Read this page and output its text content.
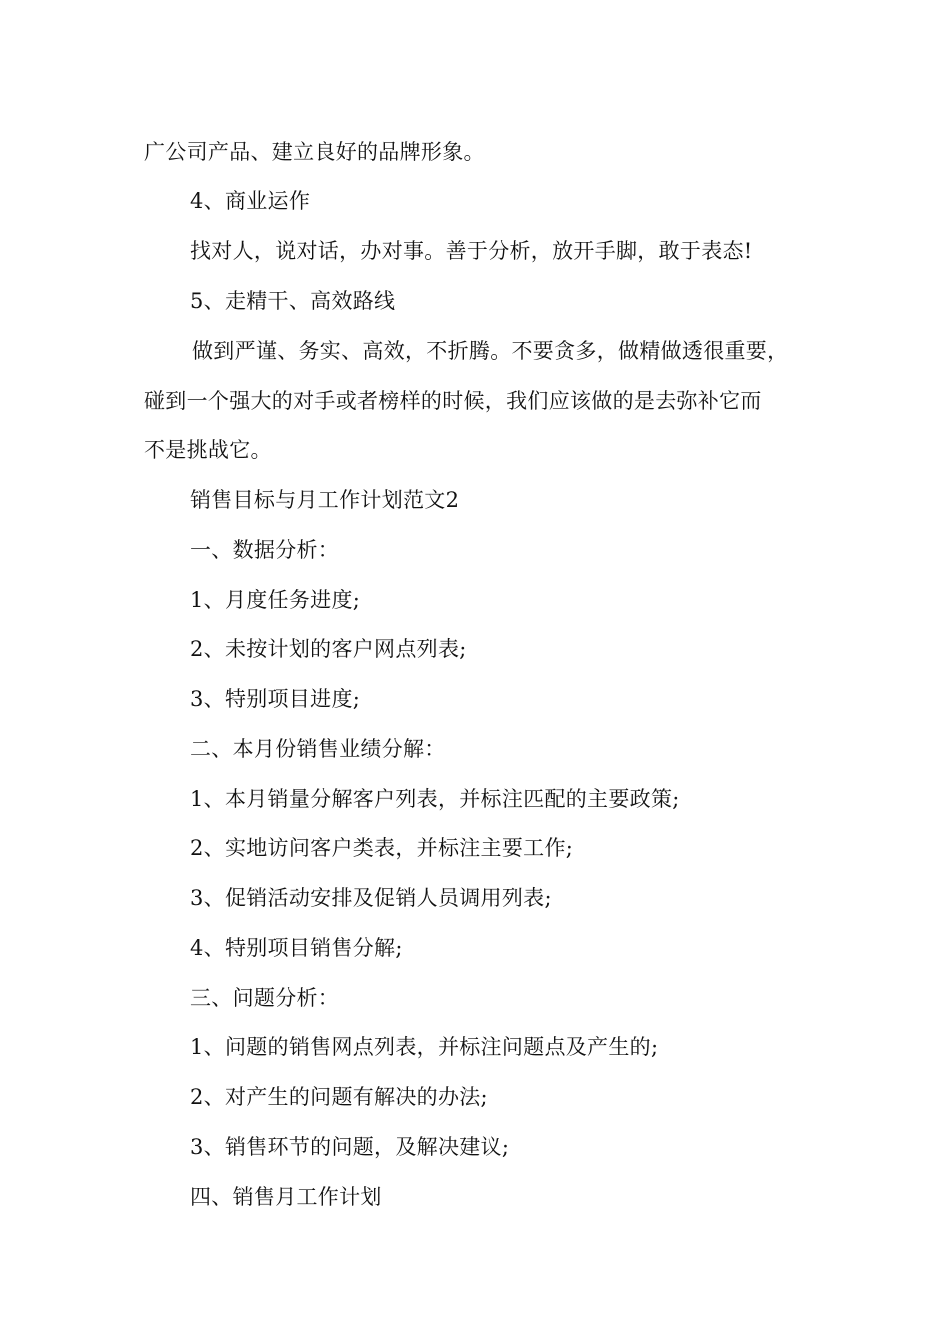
广公司产品、建立良好的品牌形象。
4、商业运作
找对人，说对话，办对事。善于分析，放开手脚，敢于表态!
5、走精干、高效路线
做到严谨、务实、高效，不折腾。不要贪多，做精做透很重要，
碰到一个强大的对手或者榜样的时候，我们应该做的是去弥补它而
不是挑战它。
销售目标与月工作计划范文2
一、数据分析：
1、月度任务进度;
2、未按计划的客户网点列表;
3、特别项目进度;
二、本月份销售业绩分解：
1、本月销量分解客户列表，并标注匹配的主要政策;
2、实地访问客户类表，并标注主要工作;
3、促销活动安排及促销人员调用列表;
4、特别项目销售分解;
三、问题分析：
1、问题的销售网点列表，并标注问题点及产生的;
2、对产生的问题有解决的办法;
3、销售环节的问题，及解决建议;
四、销售月工作计划
